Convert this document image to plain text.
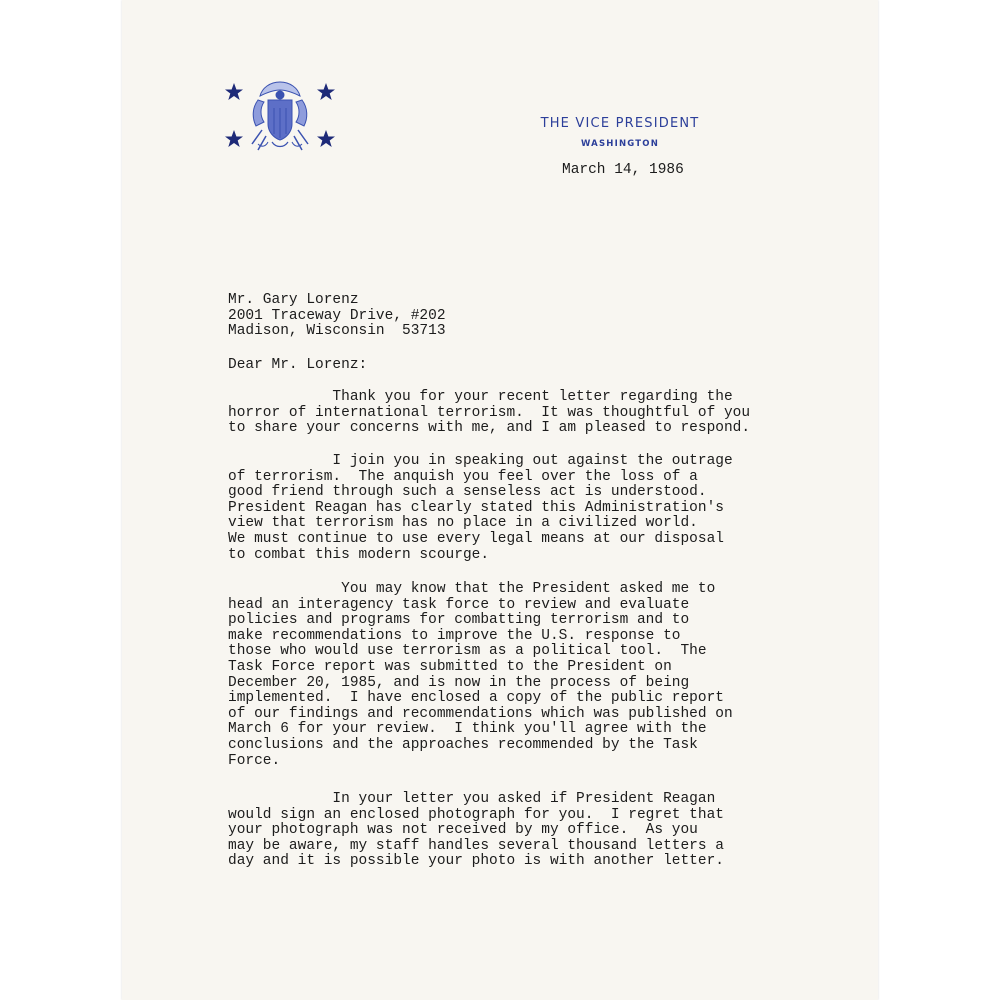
THE VICE PRESIDENT
WASHINGTON
March 14, 1986
Mr. Gary Lorenz
2001 Traceway Drive, #202
Madison, Wisconsin  53713
Dear Mr. Lorenz:
Thank you for your recent letter regarding the
horror of international terrorism.  It was thoughtful of you
to share your concerns with me, and I am pleased to respond.
I join you in speaking out against the outrage
of terrorism.  The anquish you feel over the loss of a
good friend through such a senseless act is understood.
President Reagan has clearly stated this Administration's
view that terrorism has no place in a civilized world.
We must continue to use every legal means at our disposal
to combat this modern scourge.
You may know that the President asked me to
head an interagency task force to review and evaluate
policies and programs for combatting terrorism and to
make recommendations to improve the U.S. response to
those who would use terrorism as a political tool.  The
Task Force report was submitted to the President on
December 20, 1985, and is now in the process of being
implemented.  I have enclosed a copy of the public report
of our findings and recommendations which was published on
March 6 for your review.  I think you'll agree with the
conclusions and the approaches recommended by the Task
Force.
In your letter you asked if President Reagan
would sign an enclosed photograph for you.  I regret that
your photograph was not received by my office.  As you
may be aware, my staff handles several thousand letters a
day and it is possible your photo is with another letter.
